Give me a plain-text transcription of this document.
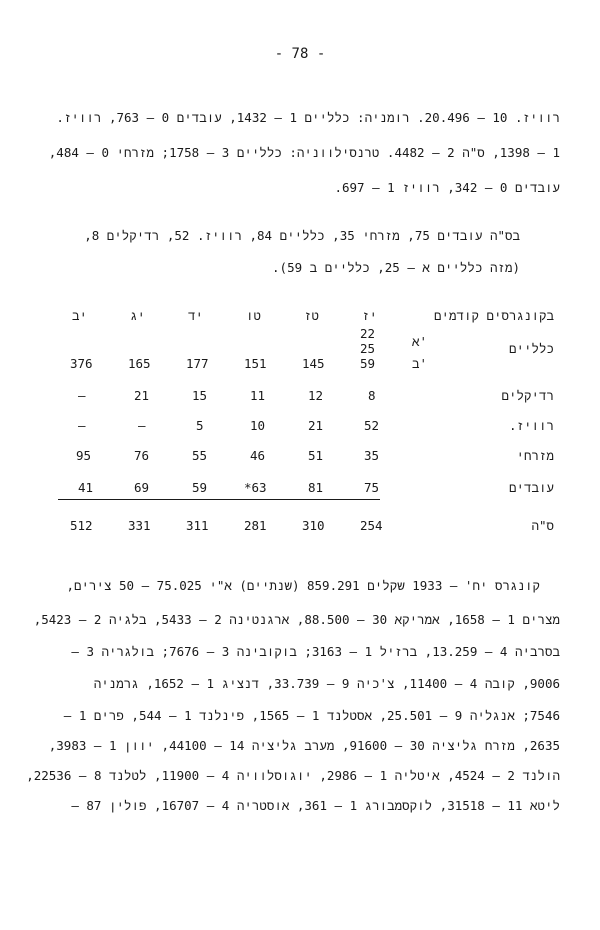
- 78 -
רוויז. 10 – 20.496. רומניה: כלליים 1 – 1432, עובדים 0 – 763, רוויז.
1 – 1398, ס"ה 2 – 4482. טרנסילווניה: כלליים 3 – 1758; מזרחי 0 – 484,
עובדים 0 – 342, רוויז 1 – 697.
בס"ה עובדים 75, מזרחי 35, כלליים 84, רוויז. 52, רדיקלים 8,
(מזה כלליים א – 25, כלליים ב 59).
בקונגרסים קודמים
יז
טז
טו
יד
יג
יב
22
25
59
א'
ב'
כלליים
145
151
177
165
376
רדיקלים
8
12
11
15
21
–
רוויז.
52
21
10
5
–
–
מזרחי
35
51
46
55
76
95
עובדים
75
81
*63
59
69
41
ס"ה
254
310
281
311
331
512
קונגרס יח' – 1933 שקלים 859.291 (שנתיים) א"י 75.025 – 50 צירים,
מצרים 1 – 1658, אמריקא 30 – 88.500, ארגנטינה 2 – 5433, בלגיה 2 – 5423,
בסרביה 4 – 13.259, ברזיל 1 – 3163; בוקובינה 3 – 7676; בולגריה 3 –
9006, קובה 4 – 11400, צ'כיה 9 – 33.739, דנציג 1 – 1652, גרמניה
7546; אנגליה 9 – 25.501, אסטלנד 1 – 1565, פינלנד 1 – 544, פרים 1 –
2635, מזרח גליציה 30 – 91600, מערב גליציה 14 – 44100, יוון 1 – 3983,
הולנד 2 – 4524, איטליה 1 – 2986, יוגוסלוויה 4 – 11900, לטלנד 8 – 22536,
ליטא 11 – 31518, לוקסמבורג 1 – 361, אוסטריה 4 – 16707, פולין 87 –
